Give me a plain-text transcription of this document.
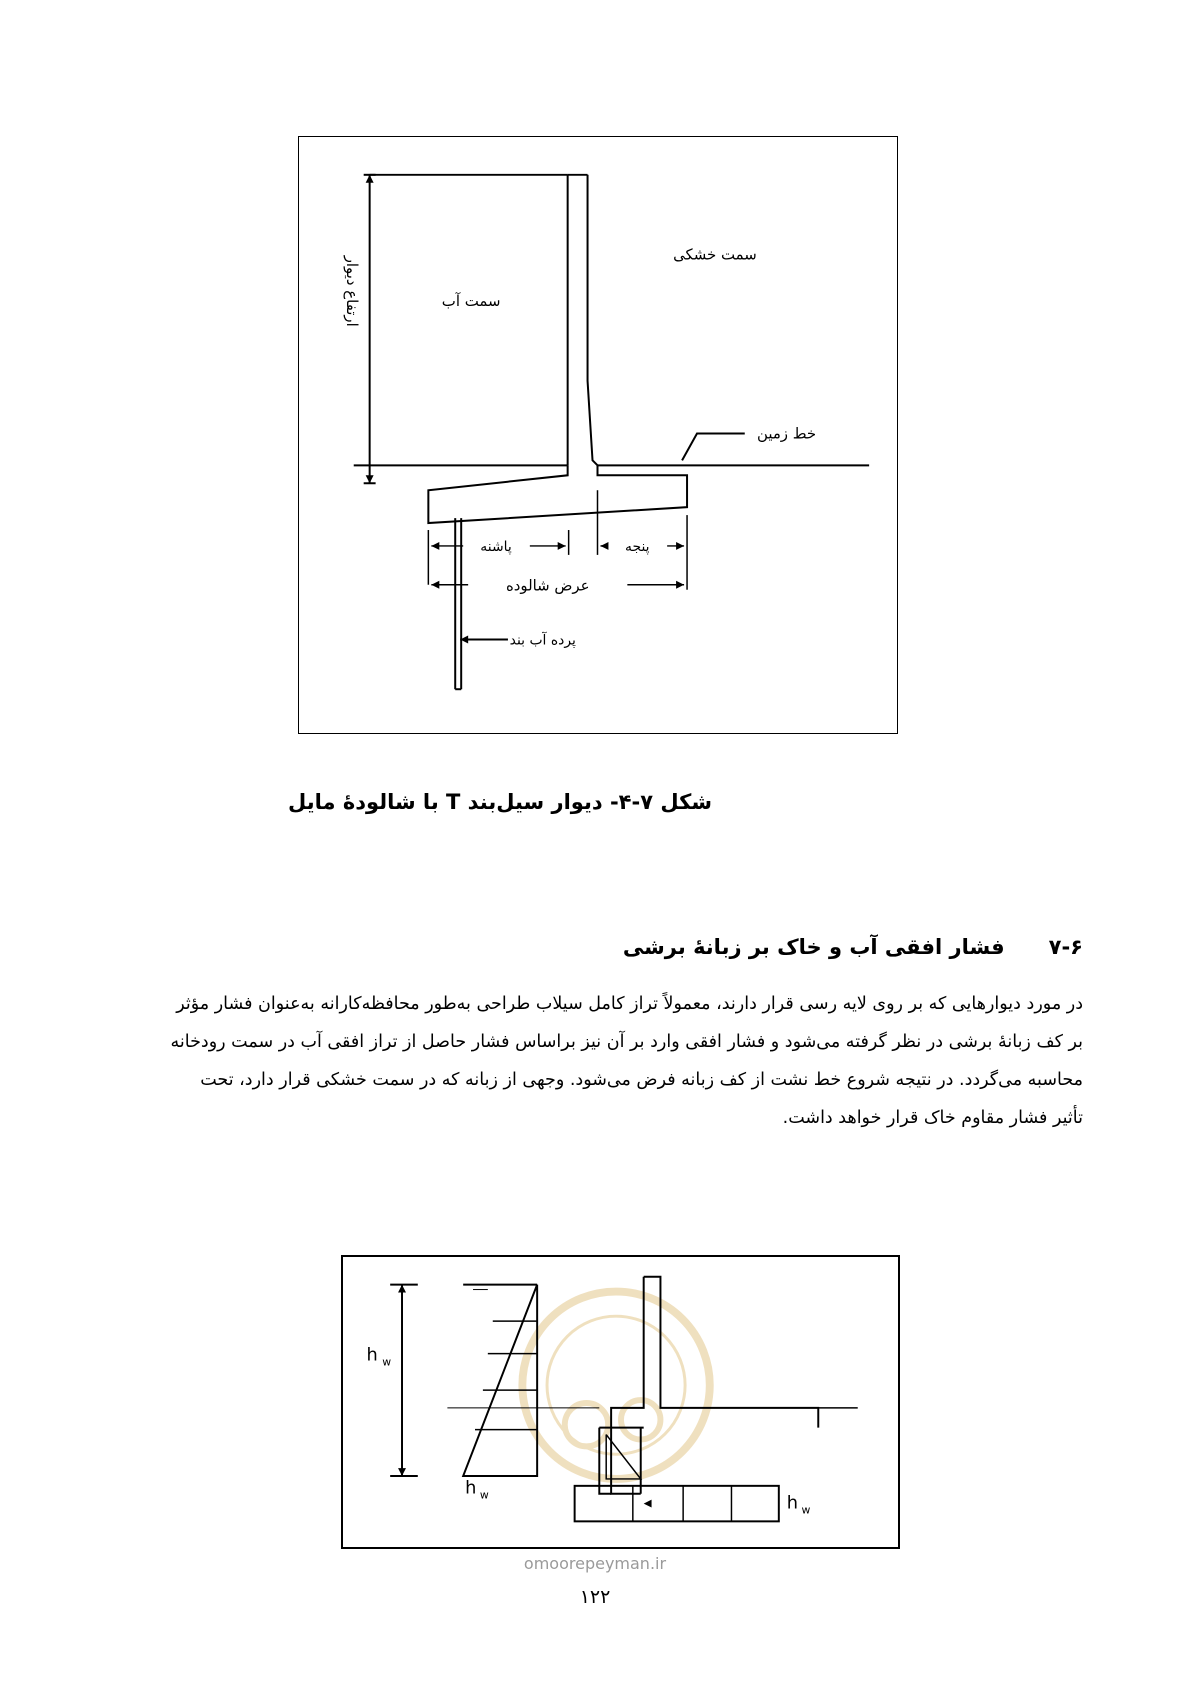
سمت خشکی
سمت آب
ارتفاع دیوار
خط زمین
پاشنه	پنجه
عرض شالوده
پرده آب بند
شکل ۷-۴- دیوار سیل‌بند T با شالودهٔ مایل
۷-۶
فشار افقی آب و خاک بر زبانهٔ برشی

در مورد دیوارهایی که بر روی لایه رسی قرار دارند، معمولاً تراز کامل سیلاب طراحی به‌طور محافظه‌کارانه به‌عنوان فشار مؤثر

بر کف زبانهٔ برشی در نظر گرفته می‌شود و فشار افقی وارد بر آن نیز براساس فشار حاصل از تراز افقی آب در سمت رودخانه

محاسبه می‌گردد. در نتیجه شروع خط نشت از کف زبانه فرض می‌شود. وجهی از زبانه که در سمت خشکی قرار دارد، تحت

تأثیر فشار مقاوم خاک قرار خواهد داشت.

h w
h w	h w
omoorepeyman.ir
۱۲۲
